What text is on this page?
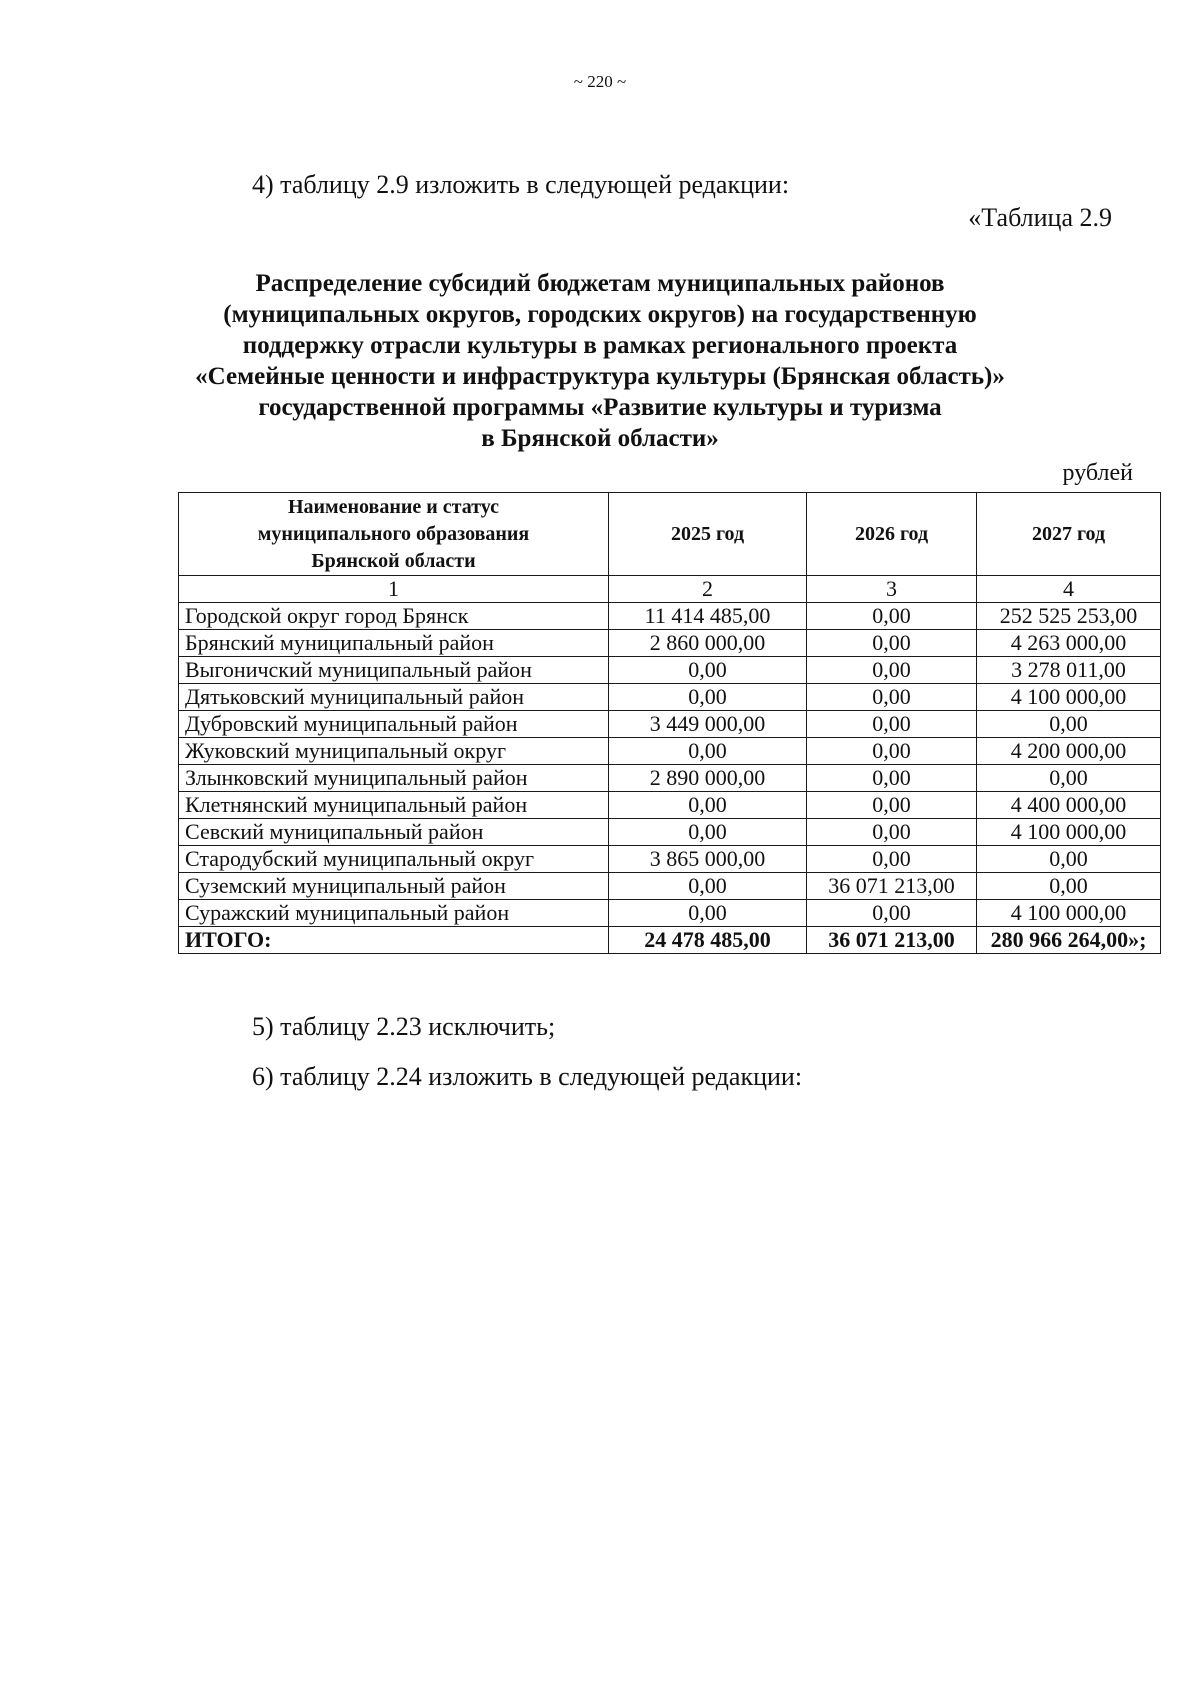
~ 220 ~
4) таблицу 2.9 изложить в следующей редакции:
«Таблица 2.9
Распределение субсидий бюджетам муниципальных районов
(муниципальных округов, городских округов) на государственную
поддержку отрасли культуры в рамках регионального проекта
«Семейные ценности и инфраструктура культуры (Брянская область)»
государственной программы «Развитие культуры и туризма
в Брянской области»
рублей
Наименование и статус
муниципального образования
Брянской области	2025 год	2026 год	2027 год
1	2	3	4
Городской округ город Брянск	11 414 485,00	0,00	252 525 253,00
Брянский муниципальный район	2 860 000,00	0,00	4 263 000,00
Выгоничский муниципальный район	0,00	0,00	3 278 011,00
Дятьковский муниципальный район	0,00	0,00	4 100 000,00
Дубровский муниципальный район	3 449 000,00	0,00	0,00
Жуковский муниципальный округ	0,00	0,00	4 200 000,00
Злынковский муниципальный район	2 890 000,00	0,00	0,00
Клетнянский муниципальный район	0,00	0,00	4 400 000,00
Севский муниципальный район	0,00	0,00	4 100 000,00
Стародубский муниципальный округ	3 865 000,00	0,00	0,00
Суземский муниципальный район	0,00	36 071 213,00	0,00
Суражский муниципальный район	0,00	0,00	4 100 000,00
ИТОГО:	24 478 485,00	36 071 213,00	280 966 264,00»;
5) таблицу 2.23 исключить;
6) таблицу 2.24 изложить в следующей редакции:
